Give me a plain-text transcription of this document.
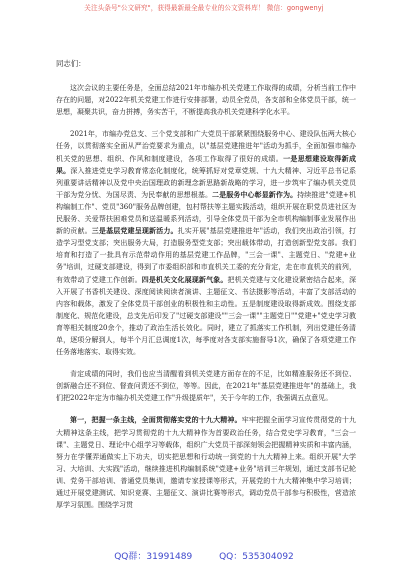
关注头条号"公文研究"，获得最新最全最专业的公文资料库！ 微信：gongwenyj

同志们：

这次会议的主要任务是，全面总结2021年市编办机关党建工作取得的成绩，分析当前工作中存在的问题，对2022年机关党建工作进行安排部署，动员全党员，各支部和全体党员干部，统一思想，凝聚共识，奋力拼搏，务实苦干，不断提高我办机关党建科学化水平。

2021年，市编办党总支、三个党支部和广大党员干部紧紧围绕服务中心、建设队伍两大核心任务，以贯彻落实全面从严治党要求为重点，以"基层党建推进年"活动为抓手，全面加强市编办机关党的思想、组织、作风和制度建设，各项工作取得了很好的成绩。一是思想建设取得新成果。深入推进党史学习教育常态化制度化，统筹抓好对党章党规、十九大精神、习近平总书记系列重要讲话精神以及党中央治国理政的新理念新思路新战略的学习，进一步筑牢了编办机关党员干部为党分忧、为国尽责、为民奉献的思想根基。二是服务中心彰显新作为。持续推进"党建+机构编制工作"、党员"360"服务品牌创建，包村帮扶等主题实践活动，组织开展在职党员进社区为民服务、关爱帮扶困难党员和送温暖系列活动，引导全体党员干部为全市机构编制事业发展作出新的贡献。三是基层党建呈现新活力。扎实开展"基层党建推进年"活动，我们突出政治引领，打造学习型党支部；突出服务大局，打造服务型党支部；突出载体带动，打造创新型党支部。我们培育和打造了一批具有示范带动作用的基层党建工作品牌，"三会一课"、主题党日、"党建+业务"培训，过硬支部建设，得到了市委组织部和市直机关工委的充分肯定，走在市直机关的前列，有效带动了党建工作创新。四是机关文化展现新气象。把机关党建与文化建设紧密结合起来，深入开展了书香机关建设、深度阅读阅读者演讲、主题征文、书法摄影等活动，丰富了支部活动的内容和载体，激发了全体党员干部创业的积极性和主动性。五是制度建设取得新成效。围绕支部制度化、规范化建设，总支先后印发了"过硬支部建设""三会一课""主题党日""党建+"党史学习教育等相关制度20余个，推动了政治生活长效化。同时，建立了抓落实工作机制，列出党建任务清单，逐项分解到人，每半个月汇总调度1次，每季度对各支部实施督导1次，确保了各项党建工作任务落地落实、取得实效。

肯定成绩的同时，我们也应当清醒看到机关党建方面存在的不足，比如精准服务还不到位、创新融合还不到位、督查问责还不到位，等等。因此，在2021年"基层党建推进年"的基础上，我们把2022年定为市编办机关党建工作"升级提质年"，关于今年的工作，我强调五点意见。

第一，把握一条主线，全面贯彻落实党的十九大精神。牢牢把握全面学习宣传贯彻党的十九大精神这条主线，把学习贯彻党的十九大精神作为首要政治任务，结合党史学习教育，"三会一课"、主题党日、理论中心组学习等载体，组织广大党员干部深刻领会把握精神实质和丰富内涵，努力在学懂弄通做实上下功夫，切实把思想和行动统一到党的十九大精神上来。组织开展"大学习、大培训、大实践"活动，继续推进机构编制系统"党建+业务"培训三年规划，通过支部书记轮训、党务干部培训、普通党员集训，邀请专家授课等形式，开展党的十九大精神集中学习培训；通过开展党建测试、知识竞赛、主题征文、演讲比赛等形式，调动党员干部参与积极性，营造浓厚学习氛围。围绕学习贯

QQ群：31991489	QQ：535304092
